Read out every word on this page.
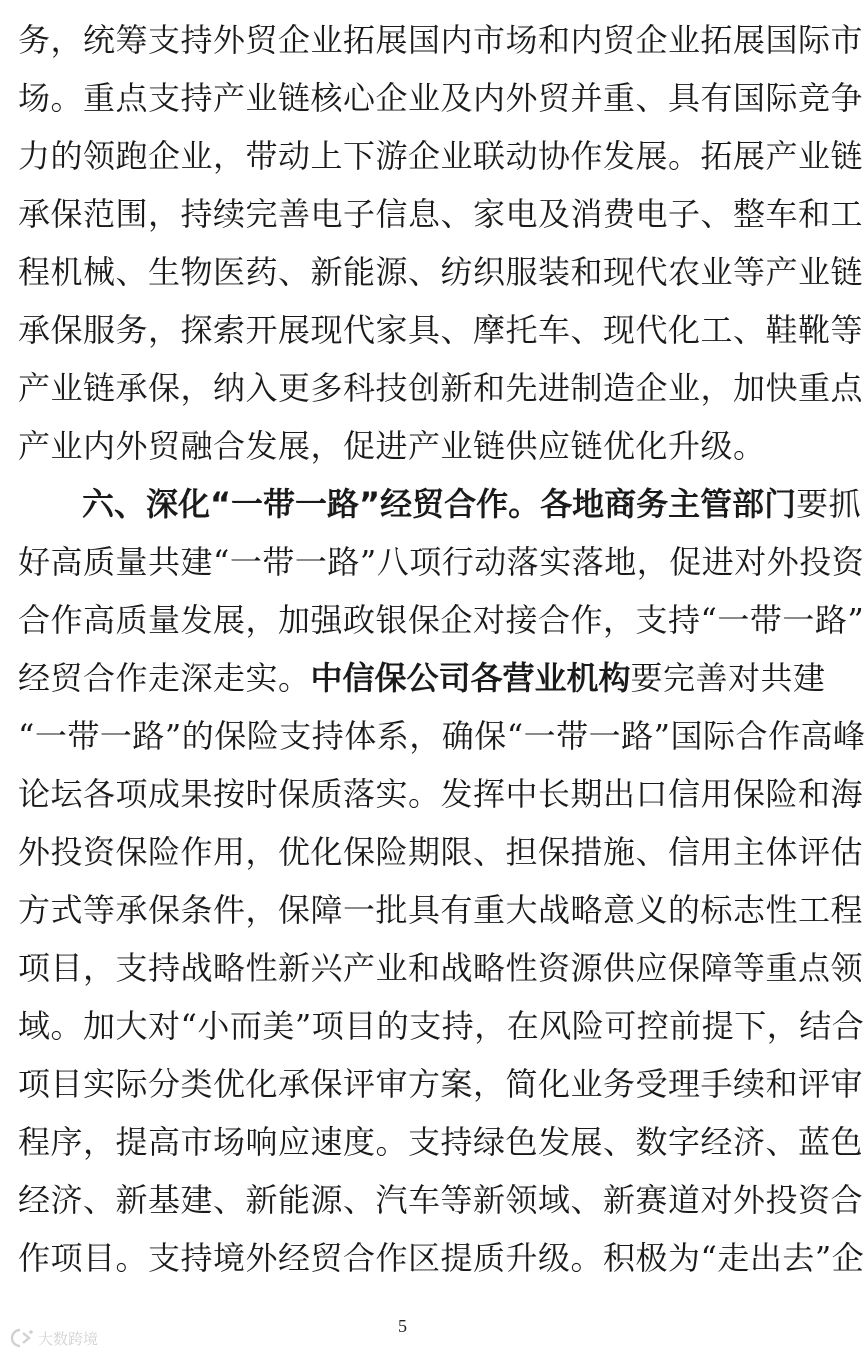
务，统筹支持外贸企业拓展国内市场和内贸企业拓展国际市
场。重点支持产业链核心企业及内外贸并重、具有国际竞争
力的领跑企业，带动上下游企业联动协作发展。拓展产业链
承保范围，持续完善电子信息、家电及消费电子、整车和工
程机械、生物医药、新能源、纺织服装和现代农业等产业链
承保服务，探索开展现代家具、摩托车、现代化工、鞋靴等
产业链承保，纳入更多科技创新和先进制造企业，加快重点
产业内外贸融合发展，促进产业链供应链优化升级。
六、深化“一带一路”经贸合作。各地商务主管部门要抓
好高质量共建“一带一路”八项行动落实落地，促进对外投资
合作高质量发展，加强政银保企对接合作，支持“一带一路”
经贸合作走深走实。中信保公司各营业机构要完善对共建
“一带一路”的保险支持体系，确保“一带一路”国际合作高峰
论坛各项成果按时保质落实。发挥中长期出口信用保险和海
外投资保险作用，优化保险期限、担保措施、信用主体评估
方式等承保条件，保障一批具有重大战略意义的标志性工程
项目，支持战略性新兴产业和战略性资源供应保障等重点领
域。加大对“小而美”项目的支持，在风险可控前提下，结合
项目实际分类优化承保评审方案，简化业务受理手续和评审
程序，提高市场响应速度。支持绿色发展、数字经济、蓝色
经济、新基建、新能源、汽车等新领域、新赛道对外投资合
作项目。支持境外经贸合作区提质升级。积极为“走出去”企
5
大数跨境
